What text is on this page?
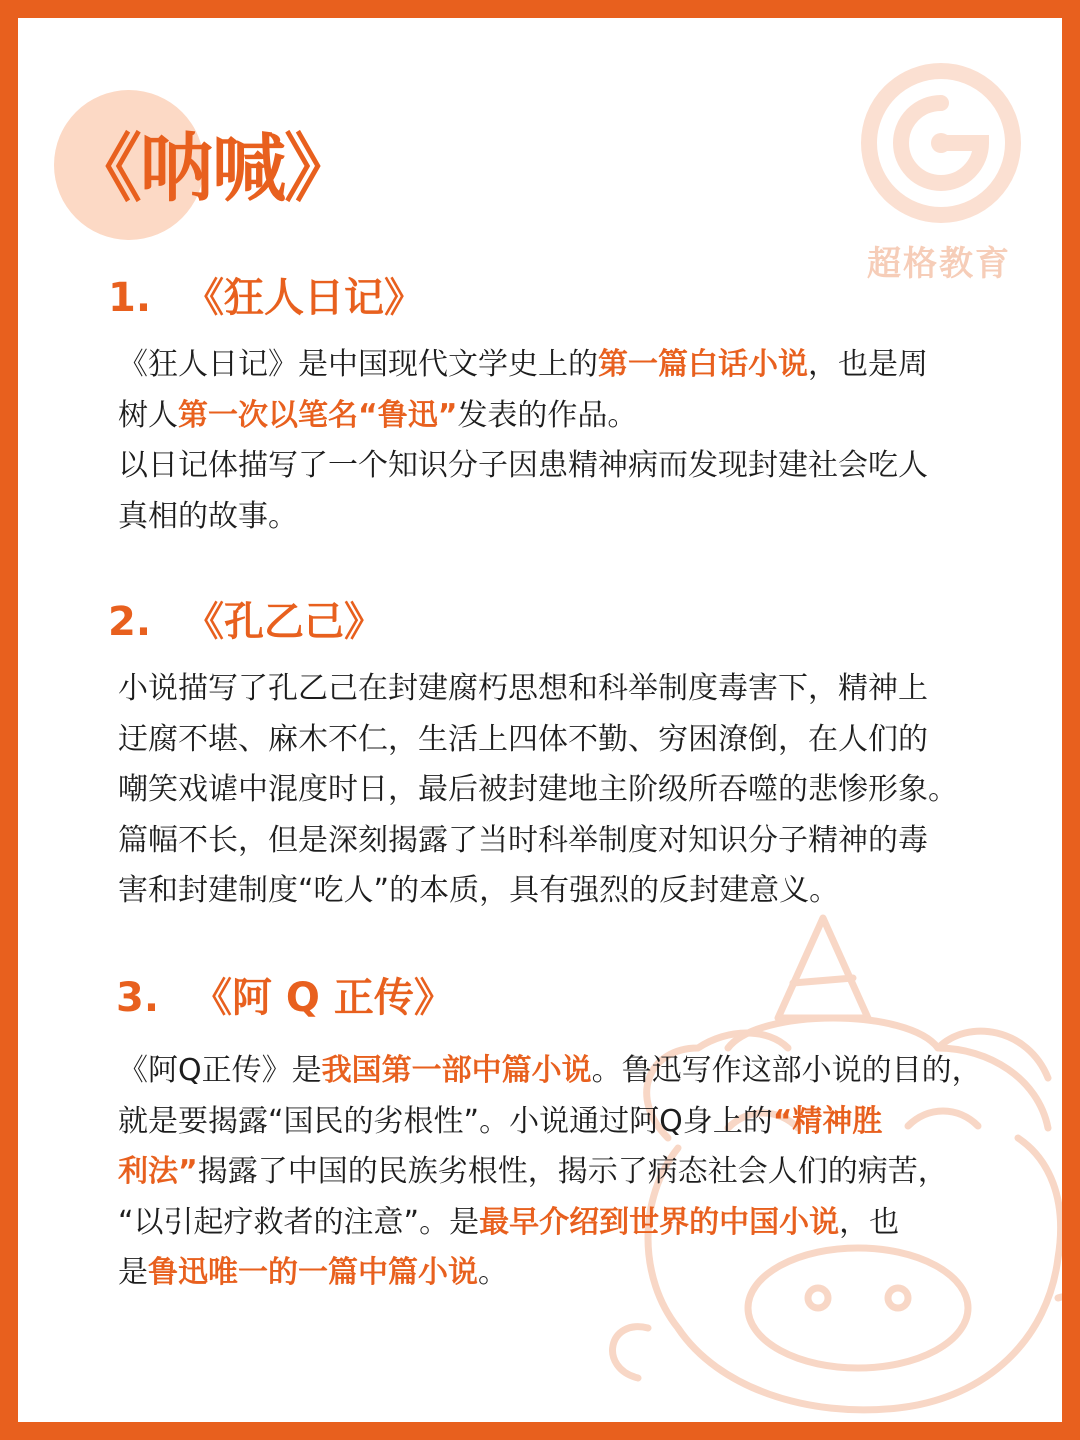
超格教育
《呐喊》
1. 《狂人日记》
《狂人日记》是中国现代文学史上的第一篇白话小说，也是周
树人第一次以笔名“鲁迅”发表的作品。
以日记体描写了一个知识分子因患精神病而发现封建社会吃人
真相的故事。
2. 《孔乙己》
小说描写了孔乙己在封建腐朽思想和科举制度毒害下，精神上
迂腐不堪、麻木不仁，生活上四体不勤、穷困潦倒，在人们的
嘲笑戏谑中混度时日，最后被封建地主阶级所吞噬的悲惨形象。
篇幅不长，但是深刻揭露了当时科举制度对知识分子精神的毒
害和封建制度“吃人”的本质，具有强烈的反封建意义。
3. 《阿 Q 正传》
《阿Q正传》是我国第一部中篇小说。鲁迅写作这部小说的目的，
就是要揭露“国民的劣根性”。小说通过阿Q身上的“精神胜
利法”揭露了中国的民族劣根性，揭示了病态社会人们的病苦，
“以引起疗救者的注意”。是最早介绍到世界的中国小说，也
是鲁迅唯一的一篇中篇小说。
